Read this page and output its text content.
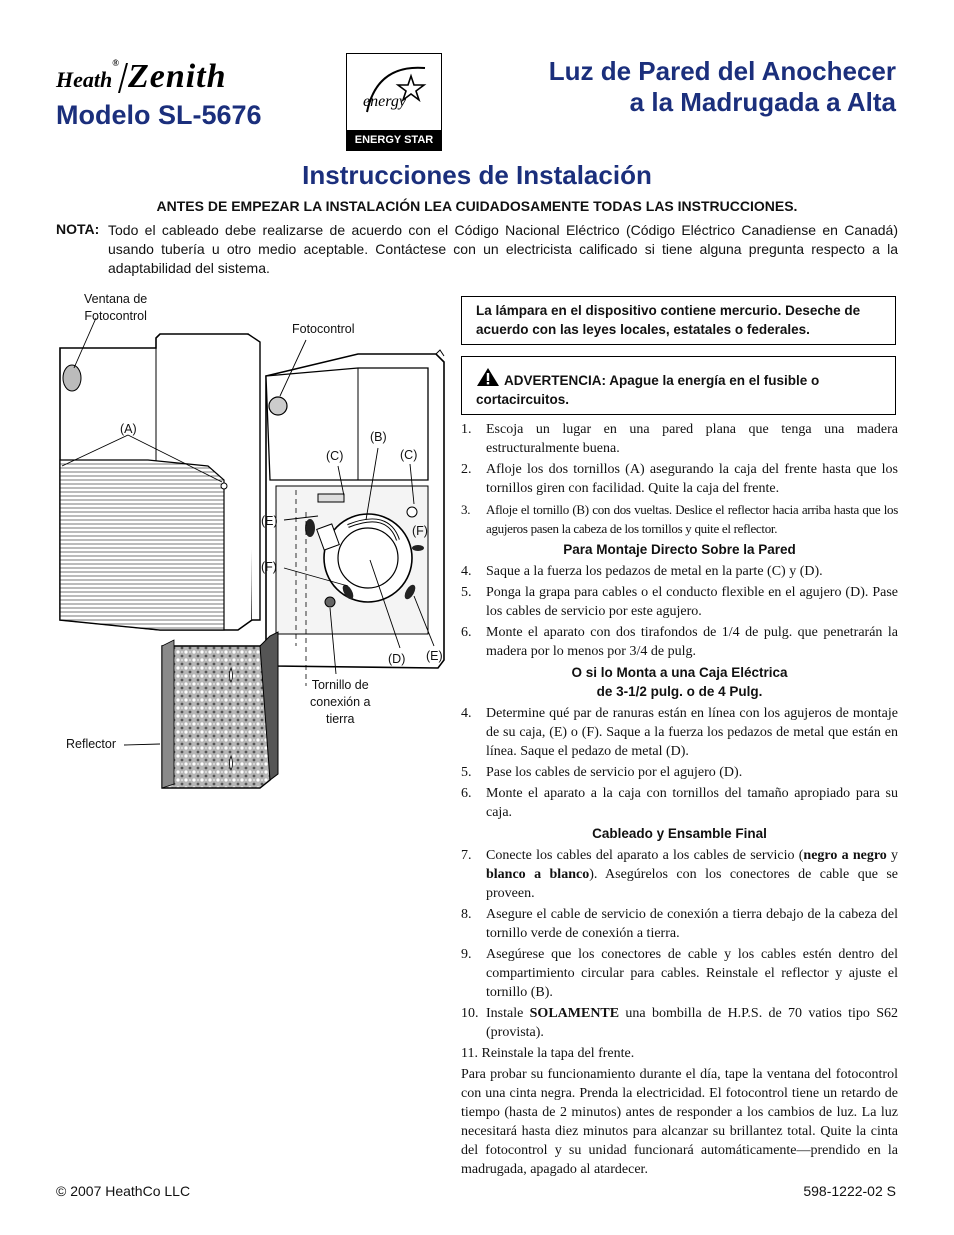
Heath® Zenith
Modelo SL-5676	energy
ENERGY STAR
Luz de Pared del Anochecer
a la Madrugada a Alta
Instrucciones de Instalación
ANTES DE EMPEZAR LA INSTALACIÓN LEA CUIDADOSAMENTE TODAS LAS INSTRUCCIONES.
NOTA: Todo el cableado debe realizarse de acuerdo con el Código Nacional Eléctrico (Código Eléctrico Canadiense en Canadá) usando tubería u otro medio aceptable. Contáctese con un electricista calificado si tiene alguna pregunta respecto a la adaptabilidad del sistema.
Ventana de
Fotocontrol
Fotocontrol
(A)
(B)
(C)	(C)
(E)
(F)
(F)
(D) (E)
Tornillo de
conexión a
tierra
Reflector
La lámpara en el dispositivo contiene mercurio. Deseche de acuerdo con las leyes locales, estatales o federales.
ADVERTENCIA: Apague la energía en el fusible o cortacircuitos.
1.	Escoja un lugar en una pared plana que tenga una madera estructuralmente buena.
2.	Afloje los dos tornillos (A) asegurando la caja del frente hasta que los tornillos giren con facilidad. Quite la caja del frente.
3.	Afloje el tornillo (B) con dos vueltas. Deslice el reflector hacia arriba hasta que los agujeros pasen la cabeza de los tornillos y quite el reflector.
Para Montaje Directo Sobre la Pared
4.	Saque a la fuerza los pedazos de metal en la parte (C) y (D).
5.	Ponga la grapa para cables o el conducto flexible en el agujero (D). Pase los cables de servicio por este agujero.
6.	Monte el aparato con dos tirafondos de 1/4 de pulg. que penetrarán la madera por lo menos por 3/4 de pulg.
O si lo Monta a una Caja Eléctrica
de 3-1/2 pulg. o de 4 Pulg.
4.	Determine qué par de ranuras están en línea con los agujeros de montaje de su caja, (E) o (F). Saque a la fuerza los pedazos de metal que están en línea. Saque el pedazo de metal (D).
5.	Pase los cables de servicio por el agujero (D).
6.	Monte el aparato a la caja con tornillos del tamaño apropiado para su caja.
Cableado y Ensamble Final
7.	Conecte los cables del aparato a los cables de servicio (negro a negro y blanco a blanco). Asegúrelos con los conectores de cable que se proveen.
8.	Asegure el cable de servicio de conexión a tierra debajo de la cabeza del tornillo verde de conexión a tierra.
9.	Asegúrese que los conectores de cable y los cables estén dentro del compartimiento circular para cables. Reinstale el reflector y ajuste el tornillo (B).
10. Instale SOLAMENTE una bombilla de H.P.S. de 70 vatios tipo S62 (provista).
11. Reinstale la tapa del frente.
Para probar su funcionamiento durante el día, tape la ventana del fotocontrol con una cinta negra. Prenda la electricidad. El fotocontrol tiene un retardo de tiempo (hasta de 2 minutos) antes de responder a los cambios de luz. La luz necesitará hasta diez minutos para alcanzar su brillantez total. Quite la cinta del fotocontrol y su unidad funcionará automáticamente—prendido en la madrugada, apagado al atardecer.
© 2007 HeathCo LLC	598-1222-02 S
